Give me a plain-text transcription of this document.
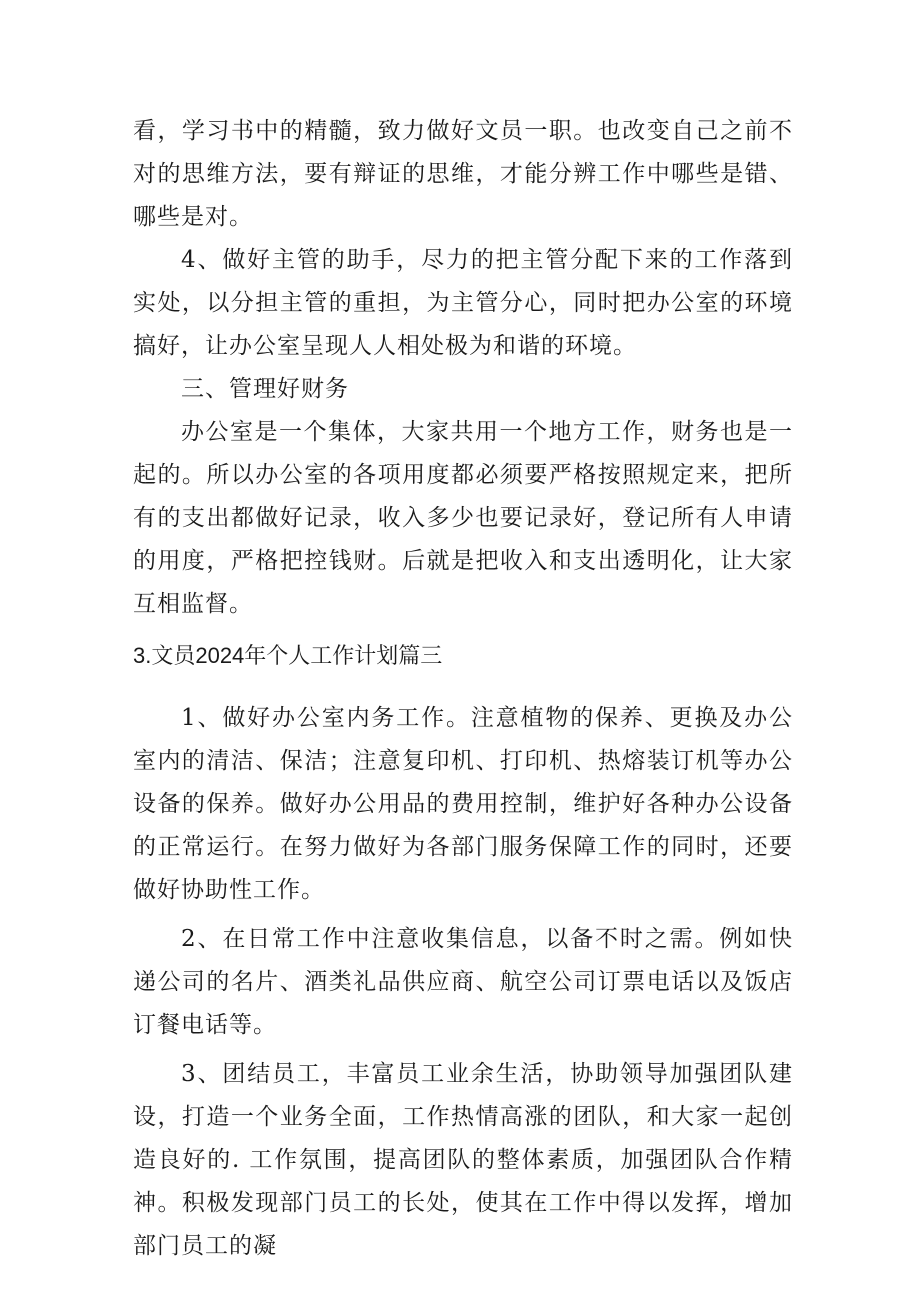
看，学习书中的精髓，致力做好文员一职。也改变自己之前不对的思维方法，要有辩证的思维，才能分辨工作中哪些是错、哪些是对。

4、做好主管的助手，尽力的把主管分配下来的工作落到实处，以分担主管的重担，为主管分心，同时把办公室的环境搞好，让办公室呈现人人相处极为和谐的环境。

三、管理好财务

办公室是一个集体，大家共用一个地方工作，财务也是一起的。所以办公室的各项用度都必须要严格按照规定来，把所有的支出都做好记录，收入多少也要记录好，登记所有人申请的用度，严格把控钱财。后就是把收入和支出透明化，让大家互相监督。

3.文员2024年个人工作计划篇三

1、做好办公室内务工作。注意植物的保养、更换及办公室内的清洁、保洁；注意复印机、打印机、热熔装订机等办公设备的保养。做好办公用品的费用控制，维护好各种办公设备的正常运行。在努力做好为各部门服务保障工作的同时，还要做好协助性工作。

2、在日常工作中注意收集信息，以备不时之需。例如快递公司的名片、酒类礼品供应商、航空公司订票电话以及饭店订餐电话等。

3、团结员工，丰富员工业余生活，协助领导加强团队建设，打造一个业务全面，工作热情高涨的团队，和大家一起创造良好的. 工作氛围，提高团队的整体素质，加强团队合作精神。积极发现部门员工的长处，使其在工作中得以发挥，增加部门员工的凝
